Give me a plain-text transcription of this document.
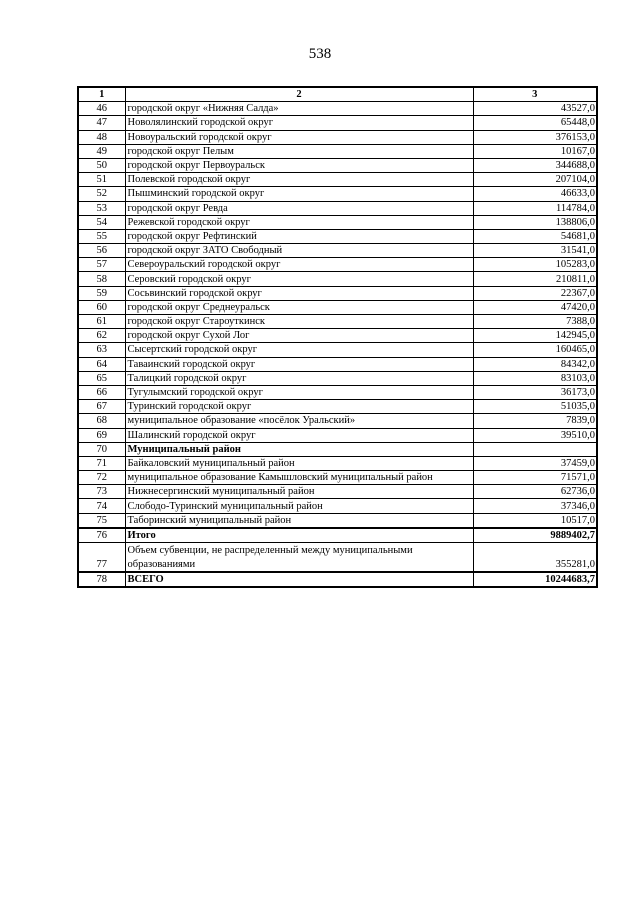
538
1	2	3
46	городской округ «Нижняя Салда»	43527,0
47	Новолялинский городской округ	65448,0
48	Новоуральский городской округ	376153,0
49	городской округ Пелым	10167,0
50	городской округ Первоуральск	344688,0
51	Полевской городской округ	207104,0
52	Пышминский городской округ	46633,0
53	городской округ Ревда	114784,0
54	Режевской городской округ	138806,0
55	городской округ Рефтинский	54681,0
56	городской округ ЗАТО Свободный	31541,0
57	Североуральский городской округ	105283,0
58	Серовский городской округ	210811,0
59	Сосьвинский городской округ	22367,0
60	городской округ Среднеуральск	47420,0
61	городской округ Староуткинск	7388,0
62	городской округ Сухой Лог	142945,0
63	Сысертский городской округ	160465,0
64	Таваинский городской округ	84342,0
65	Талицкий городской округ	83103,0
66	Тугулымский городской округ	36173,0
67	Туринский городской округ	51035,0
68	муниципальное образование «посёлок Уральский»	7839,0
69	Шалинский городской округ	39510,0
70	Муниципальный район	
71	Байкаловский муниципальный район	37459,0
72	муниципальное образование Камышловский муниципальный район	71571,0
73	Нижнесергинский муниципальный район	62736,0
74	Слободо-Туринский муниципальный район	37346,0
75	Таборинский муниципальный район	10517,0
76	Итого	9889402,7
77	Объем субвенции, не распределенный между муниципальными образованиями	355281,0
78	ВСЕГО	10244683,7
